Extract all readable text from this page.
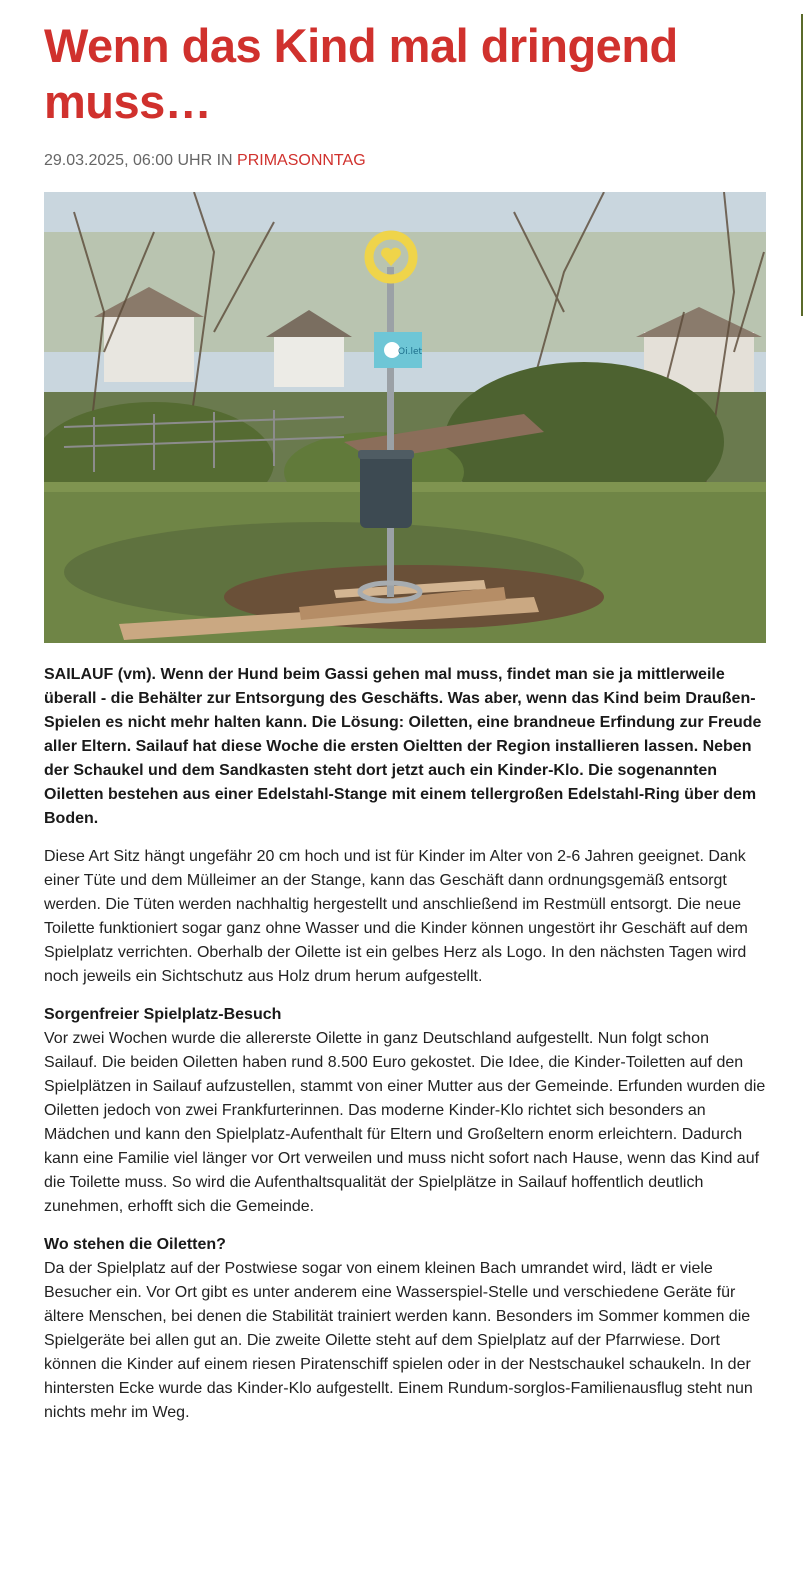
Wenn das Kind mal dringend muss…
29.03.2025, 06:00 UHR IN PRIMASONNTAG
Oi.let

SAILAUF (vm). Wenn der Hund beim Gassi gehen mal muss, findet man sie ja mittlerweile überall - die Behälter zur Entsorgung des Geschäfts. Was aber, wenn das Kind beim Draußen-Spielen es nicht mehr halten kann. Die Lösung: Oiletten, eine brandneue Erfindung zur Freude aller Eltern. Sailauf hat diese Woche die ersten Oieltten der Region installieren lassen. Neben der Schaukel und dem Sandkasten steht dort jetzt auch ein Kinder-Klo. Die sogenannten Oiletten bestehen aus einer Edelstahl-Stange mit einem tellergroßen Edelstahl-Ring über dem Boden.

Diese Art Sitz hängt ungefähr 20 cm hoch und ist für Kinder im Alter von 2-6 Jahren geeignet. Dank einer Tüte und dem Mülleimer an der Stange, kann das Geschäft dann ordnungsgemäß entsorgt werden. Die Tüten werden nachhaltig hergestellt und anschließend im Restmüll entsorgt. Die neue Toilette funktioniert sogar ganz ohne Wasser und die Kinder können ungestört ihr Geschäft auf dem Spielplatz verrichten. Oberhalb der Oilette ist ein gelbes Herz als Logo. In den nächsten Tagen wird noch jeweils ein Sichtschutz aus Holz drum herum aufgestellt.

Sorgenfreier Spielplatz-Besuch

Vor zwei Wochen wurde die allererste Oilette in ganz Deutschland aufgestellt. Nun folgt schon Sailauf. Die beiden Oiletten haben rund 8.500 Euro gekostet. Die Idee, die Kinder-Toiletten auf den Spielplätzen in Sailauf aufzustellen, stammt von einer Mutter aus der Gemeinde. Erfunden wurden die Oiletten jedoch von zwei Frankfurterinnen. Das moderne Kinder-Klo richtet sich besonders an Mädchen und kann den Spielplatz-Aufenthalt für Eltern und Großeltern enorm erleichtern. Dadurch kann eine Familie viel länger vor Ort verweilen und muss nicht sofort nach Hause, wenn das Kind auf die Toilette muss. So wird die Aufenthaltsqualität der Spielplätze in Sailauf hoffentlich deutlich zunehmen, erhofft sich die Gemeinde.

Wo stehen die Oiletten?

Da der Spielplatz auf der Postwiese sogar von einem kleinen Bach umrandet wird, lädt er viele Besucher ein. Vor Ort gibt es unter anderem eine Wasserspiel-Stelle und verschiedene Geräte für ältere Menschen, bei denen die Stabilität trainiert werden kann. Besonders im Sommer kommen die Spielgeräte bei allen gut an. Die zweite Oilette steht auf dem Spielplatz auf der Pfarrwiese. Dort können die Kinder auf einem riesen Piratenschiff spielen oder in der Nestschaukel schaukeln. In der hintersten Ecke wurde das Kinder-Klo aufgestellt. Einem Rundum-sorglos-Familienausflug steht nun nichts mehr im Weg.
